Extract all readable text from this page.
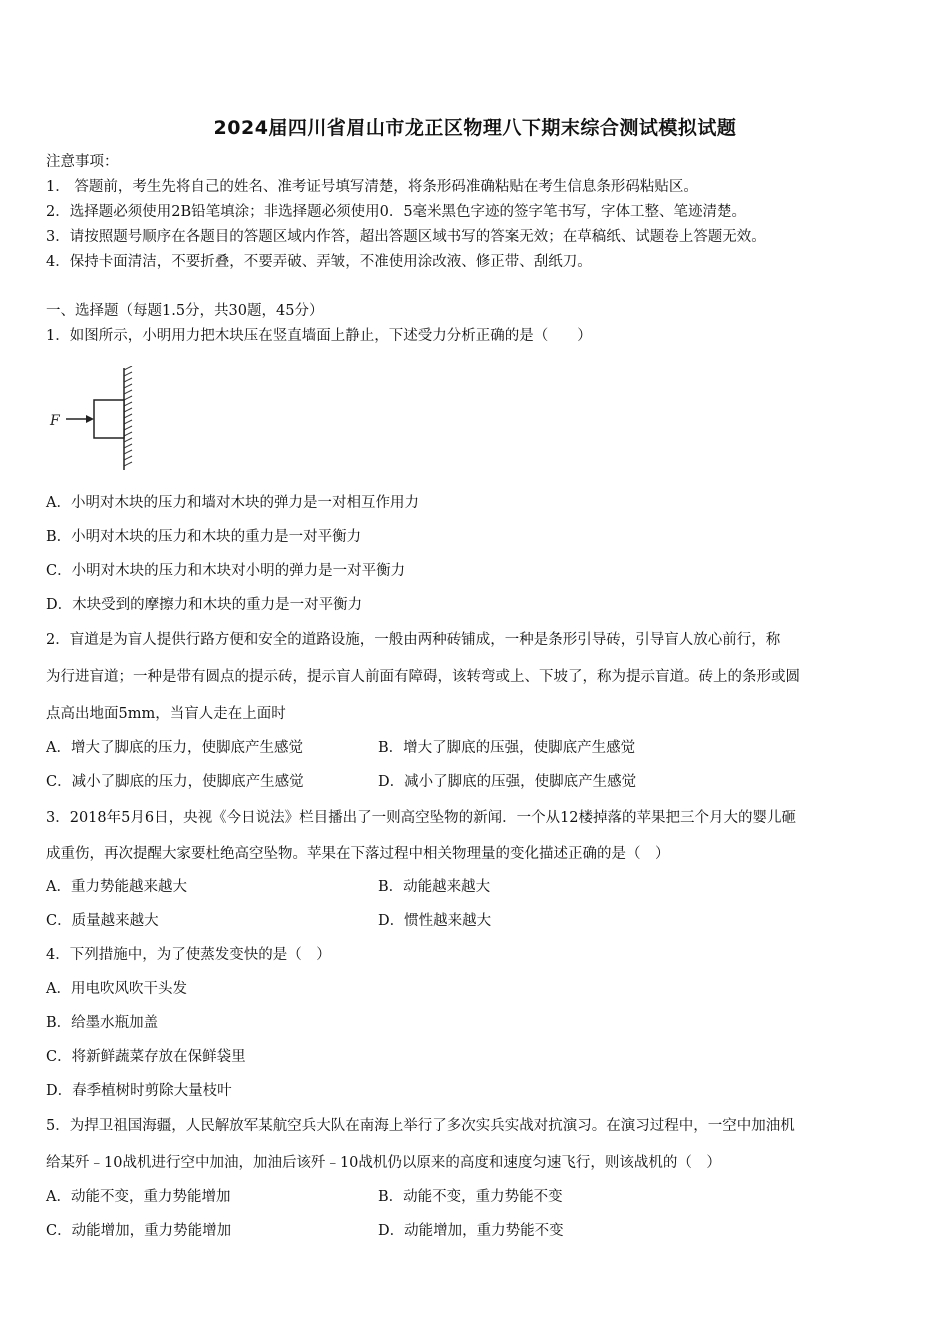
2024届四川省眉山市龙正区物理八下期末综合测试模拟试题
注意事项：
1． 答题前，考生先将自己的姓名、准考证号填写清楚，将条形码准确粘贴在考生信息条形码粘贴区。
2．选择题必须使用2B铅笔填涂；非选择题必须使用0．5毫米黑色字迹的签字笔书写，字体工整、笔迹清楚。
3．请按照题号顺序在各题目的答题区域内作答，超出答题区域书写的答案无效；在草稿纸、试题卷上答题无效。
4．保持卡面清洁，不要折叠，不要弄破、弄皱，不准使用涂改液、修正带、刮纸刀。
一、选择题（每题1.5分，共30题，45分）
1．如图所示，小明用力把木块压在竖直墙面上静止，下述受力分析正确的是（　　）
F
A．小明对木块的压力和墙对木块的弹力是一对相互作用力
B．小明对木块的压力和木块的重力是一对平衡力
C．小明对木块的压力和木块对小明的弹力是一对平衡力
D．木块受到的摩擦力和木块的重力是一对平衡力
2．盲道是为盲人提供行路方便和安全的道路设施，一般由两种砖铺成，一种是条形引导砖，引导盲人放心前行，称
为行进盲道；一种是带有圆点的提示砖，提示盲人前面有障碍，该转弯或上、下坡了，称为提示盲道。砖上的条形或圆
点高出地面5mm，当盲人走在上面时
A．增大了脚底的压力，使脚底产生感觉	B．增大了脚底的压强，使脚底产生感觉
C．减小了脚底的压力，使脚底产生感觉	D．减小了脚底的压强，使脚底产生感觉
3．2018年5月6日，央视《今日说法》栏目播出了一则高空坠物的新闻．一个从12楼掉落的苹果把三个月大的婴儿砸
成重伤，再次提醒大家要杜绝高空坠物。苹果在下落过程中相关物理量的变化描述正确的是（　）
A．重力势能越来越大	B．动能越来越大
C．质量越来越大	D．惯性越来越大
4．下列措施中，为了使蒸发变快的是（　）
A．用电吹风吹干头发
B．给墨水瓶加盖
C．将新鲜蔬菜存放在保鲜袋里
D．春季植树时剪除大量枝叶
5．为捍卫祖国海疆，人民解放军某航空兵大队在南海上举行了多次实兵实战对抗演习。在演习过程中，一空中加油机
给某歼﹣10战机进行空中加油，加油后该歼﹣10战机仍以原来的高度和速度匀速飞行，则该战机的（　）
A．动能不变，重力势能增加	B．动能不变，重力势能不变
C．动能增加，重力势能增加	D．动能增加，重力势能不变
